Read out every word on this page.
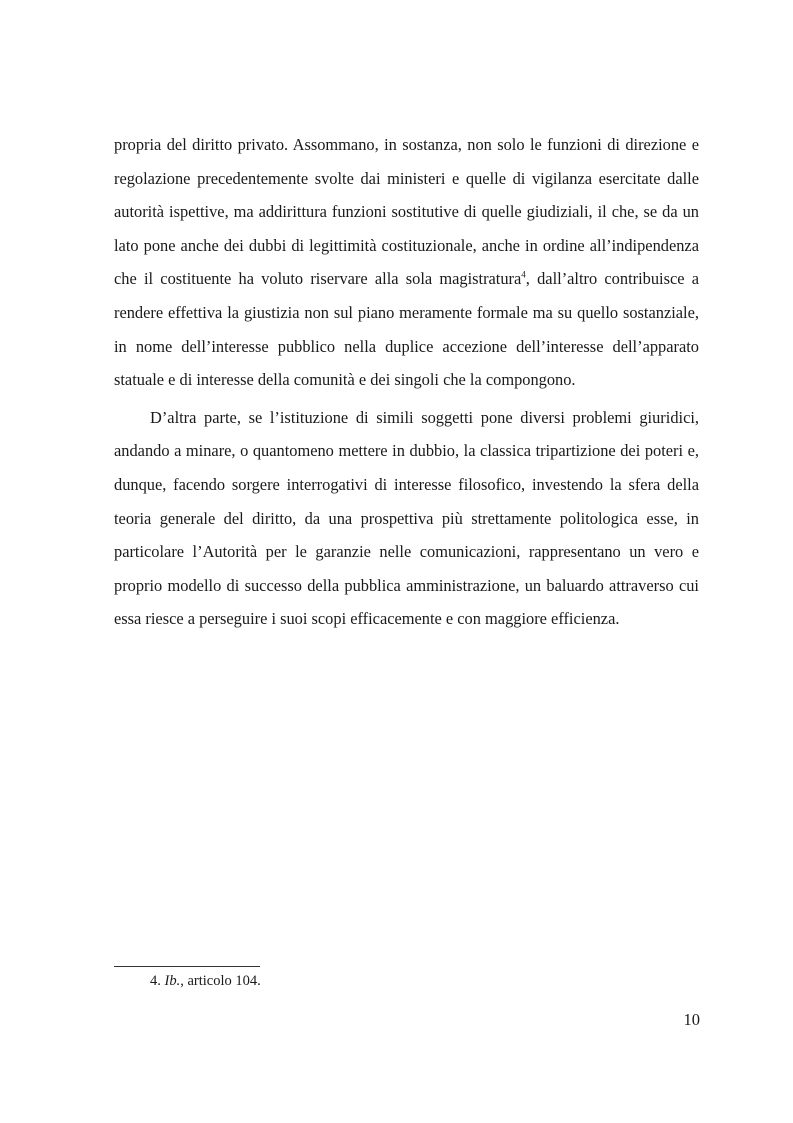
propria del diritto privato. Assommano, in sostanza, non solo le funzioni di direzione e regolazione precedentemente svolte dai ministeri e quelle di vigilanza esercitate dalle autorità ispettive, ma addirittura funzioni sostitutive di quelle giudiziali, il che, se da un lato pone anche dei dubbi di legittimità costituzionale, anche in ordine all’indipendenza che il costituente ha voluto riservare alla sola magistratura$^4$, dall’altro contribuisce a rendere effettiva la giustizia non sul piano meramente formale ma su quello sostanziale, in nome dell’interesse pubblico nella duplice accezione dell’interesse dell’apparato statuale e di interesse della comunità e dei singoli che la compongono.

D’altra parte, se l’istituzione di simili soggetti pone diversi problemi giuridici, andando a minare, o quantomeno mettere in dubbio, la classica tripartizione dei poteri e, dunque, facendo sorgere interrogativi di interesse filosofico, investendo la sfera della teoria generale del diritto, da una prospettiva più strettamente politologica esse, in particolare l’Autorità per le garanzie nelle comunicazioni, rappresentano un vero e proprio modello di successo della pubblica amministrazione, un baluardo attraverso cui essa riesce a perseguire i suoi scopi efficacemente e con maggiore efficienza.

4. Ib., articolo 104.
10
